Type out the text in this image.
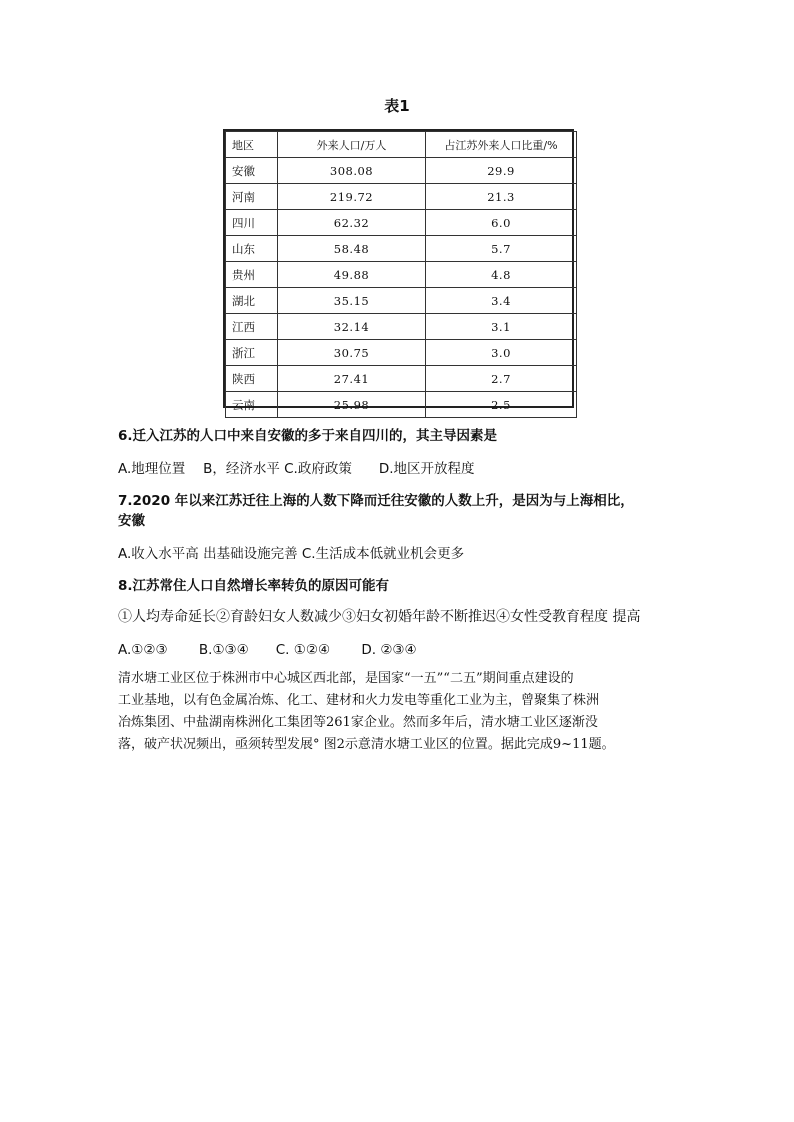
表1
地区	外来人口/万人	占江苏外来人口比重/%
安徽	308.08	29.9
河南	219.72	21.3
四川	62.32	6.0
山东	58.48	5.7
贵州	49.88	4.8
湖北	35.15	3.4
江西	32.14	3.1
浙江	30.75	3.0
陕西	27.41	2.7
云南	25.98	2.5
6.迁入江苏的人口中来自安徽的多于来自四川的，其主导因素是
A.地理位置　 B，经济水平 C.政府政策　　D.地区开放程度
7.2020 年以来江苏迁往上海的人数下降而迁往安徽的人数上升，是因为与上海相比，
安徽
A.收入水平高 出基础设施完善 C.生活成本低就业机会更多
8.江苏常住人口自然增长率转负的原因可能有
①人均寿命延长②育龄妇女人数减少③妇女初婚年龄不断推迟④女性受教育程度 提高
A.①②③　　 B.①③④　　C. ①②④　　 D. ②③④
清水塘工业区位于株洲市中心城区西北部，是国家“一五”“二五”期间重点建设的
工业基地，以有色金属冶炼、化工、建材和火力发电等重化工业为主，曾聚集了株洲
冶炼集团、中盐湖南株洲化工集团等261家企业。然而多年后，清水塘工业区逐渐没
落，破产状况频出，亟须转型发展° 图2示意清水塘工业区的位置。据此完成9~11题。
